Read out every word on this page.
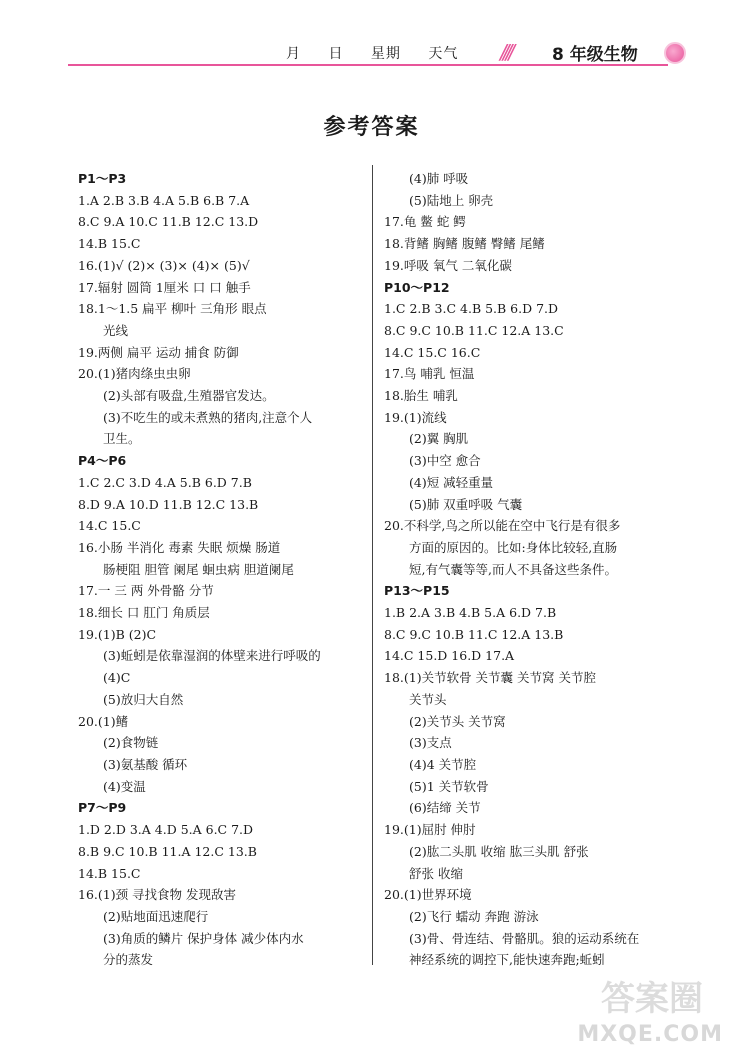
月 日 星期 天气	//// 8 年级生物
参考答案
P1～P3
1.A 2.B 3.B 4.A 5.B 6.B 7.A
8.C 9.A 10.C 11.B 12.C 13.D
14.B 15.C
16.(1)√ (2)× (3)× (4)× (5)√
17.辐射 圆筒 1厘米 口 口 触手
18.1～1.5 扁平 柳叶 三角形 眼点
光线
19.两侧 扁平 运动 捕食 防御
20.(1)猪肉绦虫虫卵
(2)头部有吸盘,生殖器官发达。
(3)不吃生的或未煮熟的猪肉,注意个人
卫生。
P4～P6
1.C 2.C 3.D 4.A 5.B 6.D 7.B
8.D 9.A 10.D 11.B 12.C 13.B
14.C 15.C
16.小肠 半消化 毒素 失眠 烦燥 肠道
肠梗阻 胆管 阑尾 蛔虫病 胆道阑尾
17.一 三 两 外骨骼 分节
18.细长 口 肛门 角质层
19.(1)B (2)C
(3)蚯蚓是依靠湿润的体壁来进行呼吸的
(4)C
(5)放归大自然
20.(1)鳍
(2)食物链
(3)氨基酸 循环
(4)变温
P7～P9
1.D 2.D 3.A 4.D 5.A 6.C 7.D
8.B 9.C 10.B 11.A 12.C 13.B
14.B 15.C
16.(1)颈 寻找食物 发现敌害
(2)贴地面迅速爬行
(3)角质的鳞片 保护身体 减少体内水
分的蒸发
(4)肺 呼吸
(5)陆地上 卵壳
17.龟 鳖 蛇 鳄
18.背鳍 胸鳍 腹鳍 臀鳍 尾鳍
19.呼吸 氧气 二氧化碳
P10～P12
1.C 2.B 3.C 4.B 5.B 6.D 7.D
8.C 9.C 10.B 11.C 12.A 13.C
14.C 15.C 16.C
17.鸟 哺乳 恒温
18.胎生 哺乳
19.(1)流线
(2)翼 胸肌
(3)中空 愈合
(4)短 减轻重量
(5)肺 双重呼吸 气囊
20.不科学,鸟之所以能在空中飞行是有很多
方面的原因的。比如:身体比较轻,直肠
短,有气囊等等,而人不具备这些条件。
P13～P15
1.B 2.A 3.B 4.B 5.A 6.D 7.B
8.C 9.C 10.B 11.C 12.A 13.B
14.C 15.D 16.D 17.A
18.(1)关节软骨 关节囊 关节窝 关节腔
关节头
(2)关节头 关节窝
(3)支点
(4)4 关节腔
(5)1 关节软骨
(6)结缔 关节
19.(1)屈肘 伸肘
(2)肱二头肌 收缩 肱三头肌 舒张
舒张 收缩
20.(1)世界环境
(2)飞行 蠕动 奔跑 游泳
(3)骨、骨连结、骨骼肌。狼的运动系统在
神经系统的调控下,能快速奔跑;蚯蚓
答案圈
MXQE.COM
